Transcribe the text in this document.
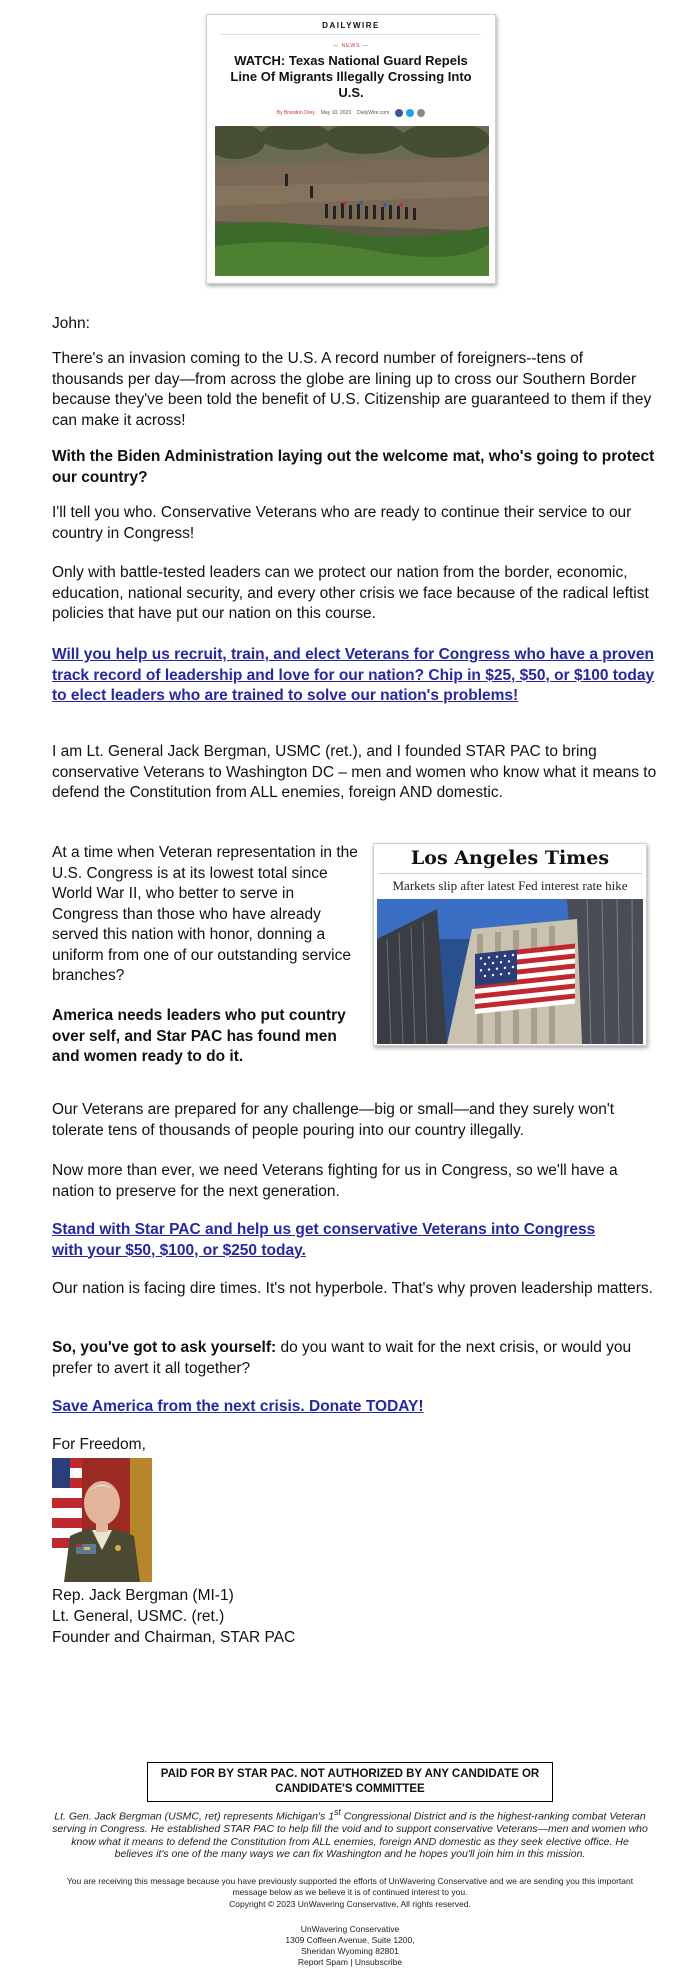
DAILYWIRE
— NEWS —
WATCH: Texas National Guard Repels Line Of Migrants Illegally Crossing Into U.S.
By Brandon Drey May 10, 2023 DailyWire.com
John:
There's an invasion coming to the U.S. A record number of foreigners--tens of thousands per day—from across the globe are lining up to cross our Southern Border because they've been told the benefit of U.S. Citizenship are guaranteed to them if they can make it across!
With the Biden Administration laying out the welcome mat, who's going to protect our country?
I'll tell you who. Conservative Veterans who are ready to continue their service to our country in Congress!
Only with battle-tested leaders can we protect our nation from the border, economic, education, national security, and every other crisis we face because of the radical leftist policies that have put our nation on this course.
Will you help us recruit, train, and elect Veterans for Congress who have a proven track record of leadership and love for our nation? Chip in $25, $50, or $100 today to elect leaders who are trained to solve our nation's problems!
I am Lt. General Jack Bergman, USMC (ret.), and I founded STAR PAC to bring conservative Veterans to Washington DC – men and women who know what it means to defend the Constitution from ALL enemies, foreign AND domestic.
At a time when Veteran representation in the U.S. Congress is at its lowest total since World War II, who better to serve in Congress than those who have already served this nation with honor, donning a uniform from one of our outstanding service branches?
America needs leaders who put country over self, and Star PAC has found men and women ready to do it.
Los Angeles Times
Markets slip after latest Fed interest rate hike
Our Veterans are prepared for any challenge—big or small—and they surely won't tolerate tens of thousands of people pouring into our country illegally.
Now more than ever, we need Veterans fighting for us in Congress, so we'll have a nation to preserve for the next generation.
Stand with Star PAC and help us get conservative Veterans into Congress with your $50, $100, or $250 today.
Our nation is facing dire times. It's not hyperbole. That's why proven leadership matters.
So, you've got to ask yourself: do you want to wait for the next crisis, or would you prefer to avert it all together?
Save America from the next crisis. Donate TODAY!
For Freedom,
Rep. Jack Bergman (MI-1)
Lt. General, USMC. (ret.)
Founder and Chairman, STAR PAC
PAID FOR BY STAR PAC. NOT AUTHORIZED BY ANY CANDIDATE OR CANDIDATE'S COMMITTEE
Lt. Gen. Jack Bergman (USMC, ret) represents Michigan's 1st Congressional District and is the highest-ranking combat Veteran serving in Congress. He established STAR PAC to help fill the void and to support conservative Veterans—men and women who know what it means to defend the Constitution from ALL enemies, foreign AND domestic as they seek elective office. He believes it's one of the many ways we can fix Washington and he hopes you'll join him in this mission.
You are receiving this message because you have previously supported the efforts of UnWavering Conservative and we are sending you this important message below as we believe it is of continued interest to you.
Copyright © 2023 UnWavering Conservative, All rights reserved.
UnWavering Conservative
1309 Coffeen Avenue, Suite 1200,
Sheridan Wyoming 82801
Report Spam | Unsubscribe
